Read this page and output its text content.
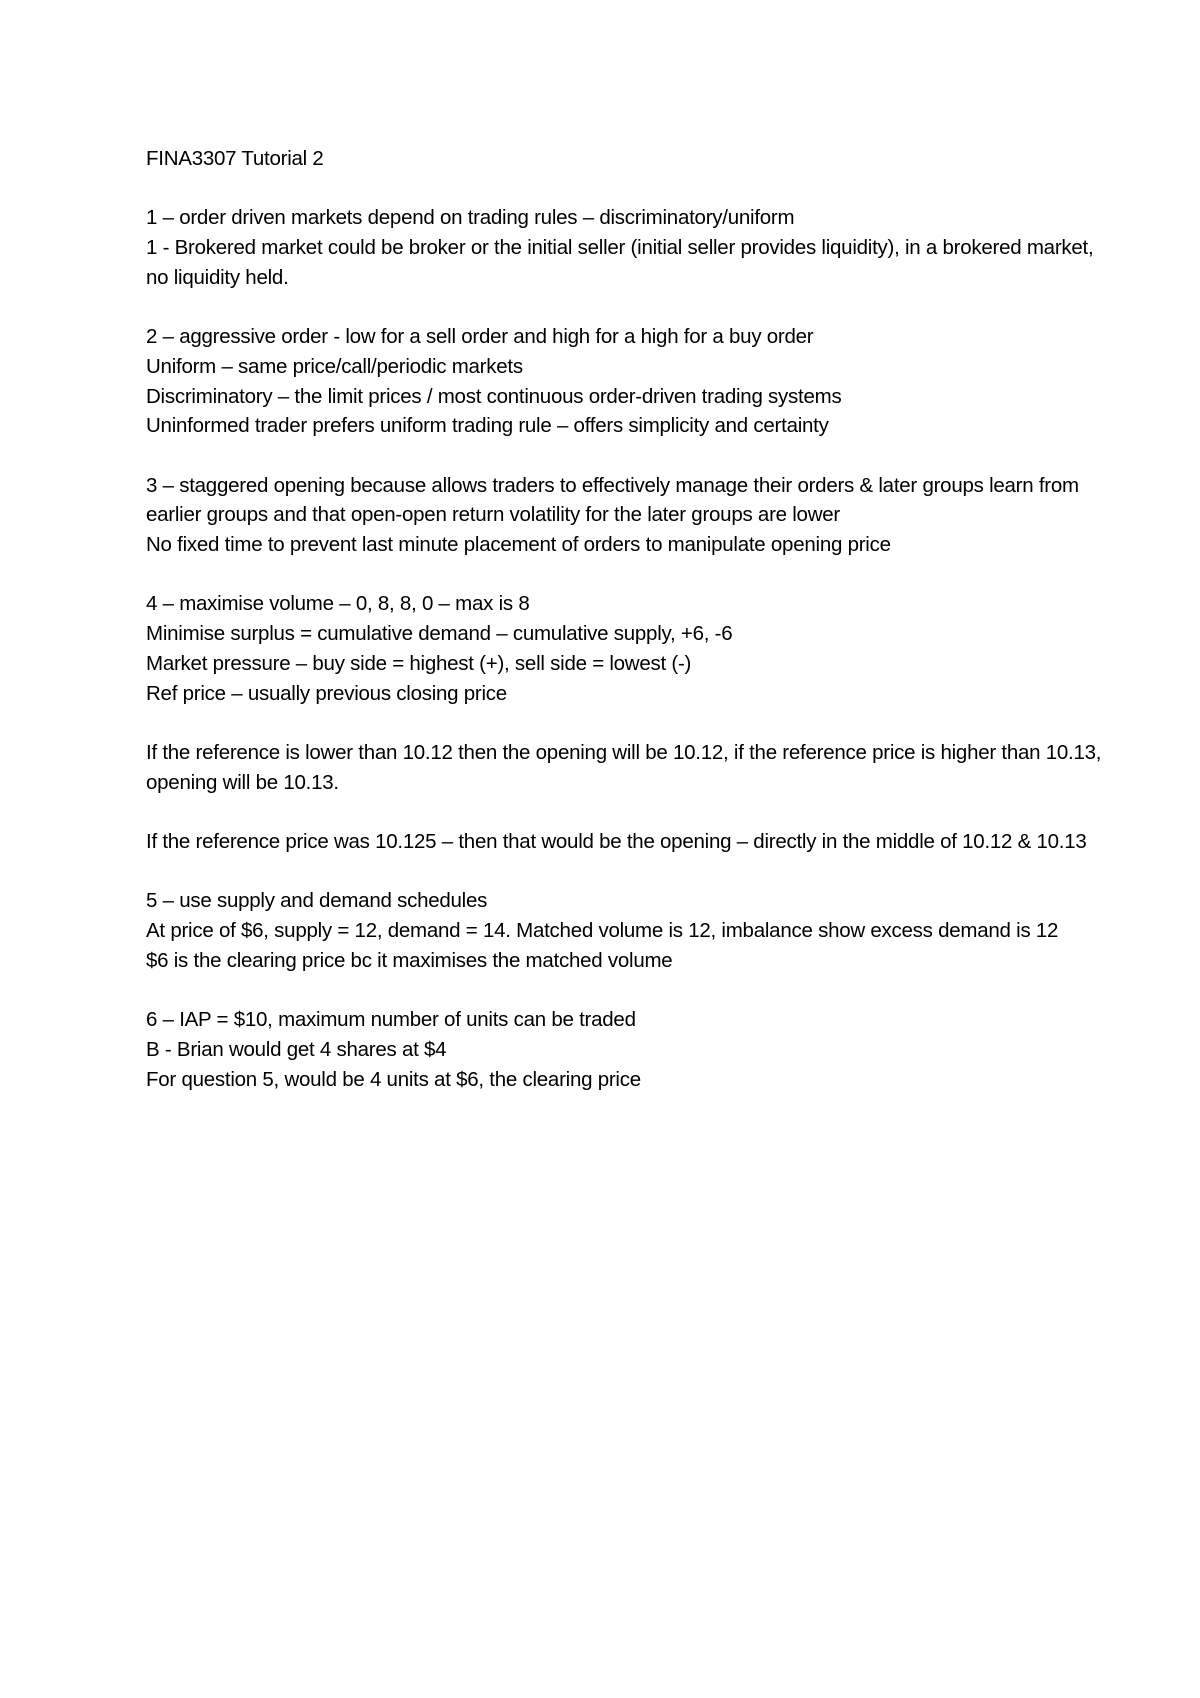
FINA3307 Tutorial 2

1 – order driven markets depend on trading rules – discriminatory/uniform

1 - Brokered market could be broker or the initial seller (initial seller provides liquidity), in a brokered market, no liquidity held.

2 – aggressive order - low for a sell order and high for a high for a buy order

Uniform – same price/call/periodic markets

Discriminatory – the limit prices / most continuous order-driven trading systems

Uninformed trader prefers uniform trading rule – offers simplicity and certainty

3 – staggered opening because allows traders to effectively manage their orders & later groups learn from earlier groups and that open-open return volatility for the later groups are lower

No fixed time to prevent last minute placement of orders to manipulate opening price

4 – maximise volume – 0, 8, 8, 0 – max is 8

Minimise surplus = cumulative demand – cumulative supply, +6, -6

Market pressure – buy side = highest (+), sell side = lowest (-)

Ref price – usually previous closing price

If the reference is lower than 10.12 then the opening will be 10.12, if the reference price is higher than 10.13, opening will be 10.13.

If the reference price was 10.125 – then that would be the opening – directly in the middle of 10.12 & 10.13

5 – use supply and demand schedules

At price of $6, supply = 12, demand = 14. Matched volume is 12, imbalance show excess demand is 12

$6 is the clearing price bc it maximises the matched volume

6 – IAP = $10, maximum number of units can be traded

B - Brian would get 4 shares at $4

For question 5, would be 4 units at $6, the clearing price
